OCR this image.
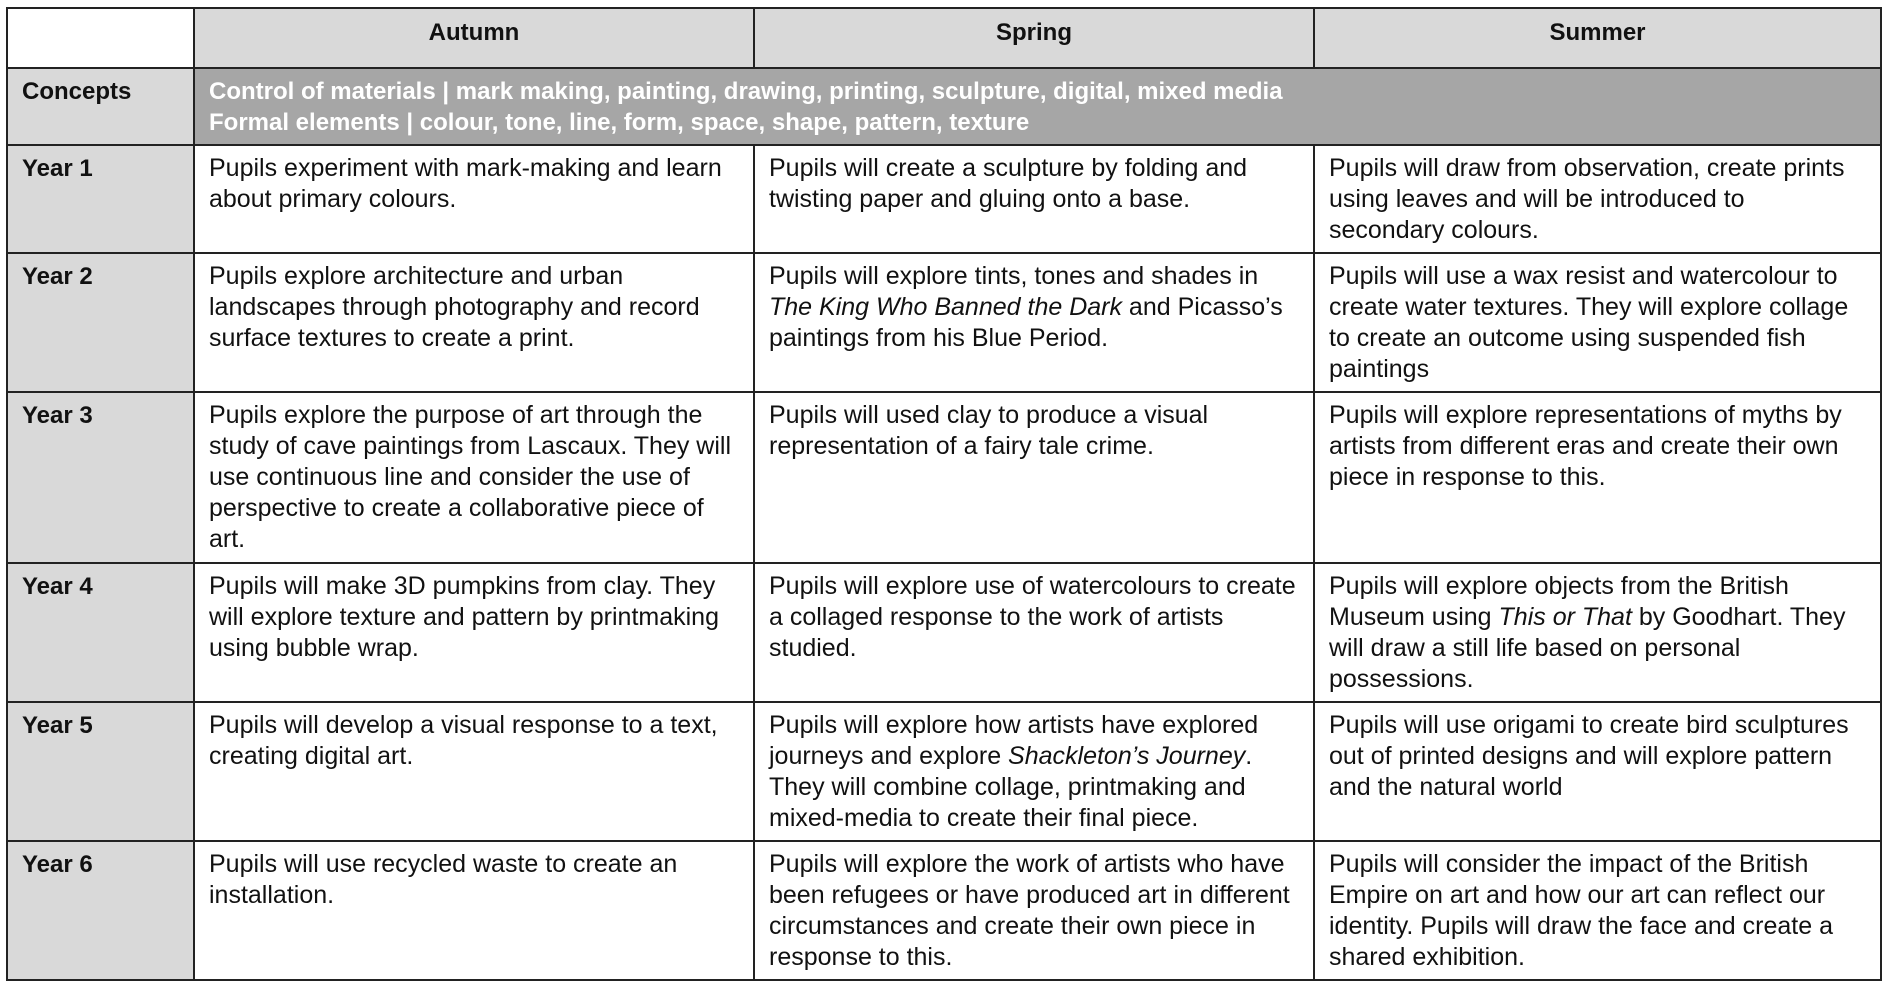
	Autumn	Spring	Summer
Concepts	Control of materials | mark making, painting, drawing, printing, sculpture, digital, mixed media
Formal elements | colour, tone, line, form, space, shape, pattern, texture		

Year 1	Pupils experiment with mark-making and learn about primary colours.	Pupils will create a sculpture by folding and twisting paper and gluing onto a base.	Pupils will draw from observation, create prints using leaves and will be introduced to secondary colours.
Year 2	Pupils explore architecture and urban landscapes through photography and record surface textures to create a print.	Pupils will explore tints, tones and shades in The King Who Banned the Dark and Picasso’s paintings from his Blue Period.	Pupils will use a wax resist and watercolour to create water textures. They will explore collage to create an outcome using suspended fish paintings
Year 3	Pupils explore the purpose of art through the study of cave paintings from Lascaux. They will use continuous line and consider the use of perspective to create a collaborative piece of art.	Pupils will used clay to produce a visual representation of a fairy tale crime.	Pupils will explore representations of myths by artists from different eras and create their own piece in response to this.
Year 4	Pupils will make 3D pumpkins from clay. They will explore texture and pattern by printmaking using bubble wrap.	Pupils will explore use of watercolours to create a collaged response to the work of artists studied.	Pupils will explore objects from the British Museum using This or That by Goodhart. They will draw a still life based on personal possessions.
Year 5	Pupils will develop a visual response to a text, creating digital art.	Pupils will explore how artists have explored journeys and explore Shackleton’s Journey. They will combine collage, printmaking and mixed-media to create their final piece.	Pupils will use origami to create bird sculptures out of printed designs and will explore pattern and the natural world
Year 6	Pupils will use recycled waste to create an installation.	Pupils will explore the work of artists who have been refugees or have produced art in different circumstances and create their own piece in response to this.	Pupils will consider the impact of the British Empire on art and how our art can reflect our identity. Pupils will draw the face and create a shared exhibition.
